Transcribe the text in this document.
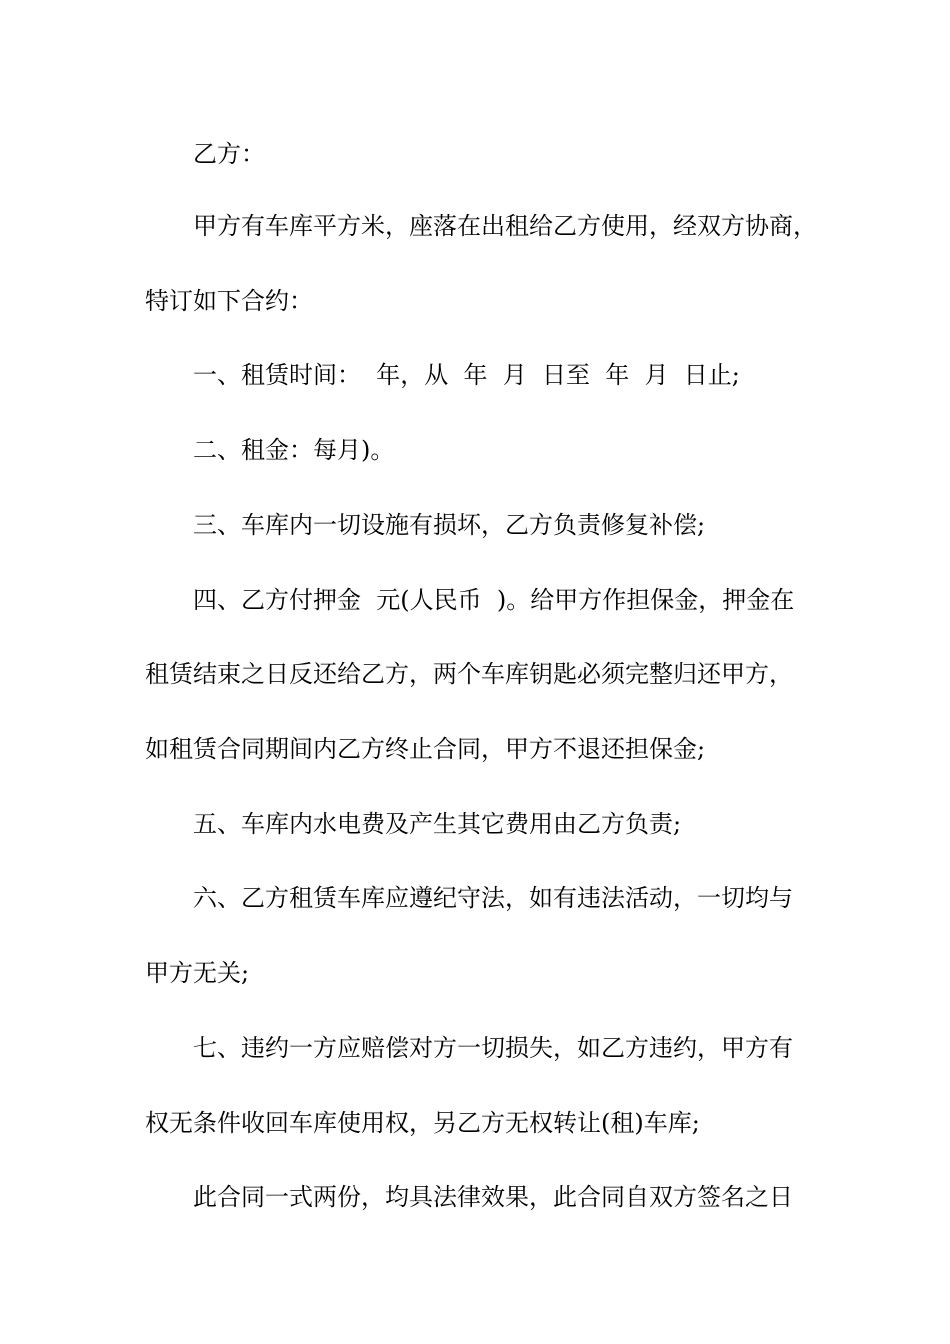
乙方：
甲方有车库平方米，座落在出租给乙方使用，经双方协商，
特订如下合约：
一、租赁时间：  年，从  年  月  日至  年  月  日止;
二、租金：每月)。
三、车库内一切设施有损坏，乙方负责修复补偿;
四、乙方付押金  元(人民币  )。给甲方作担保金，押金在
租赁结束之日反还给乙方，两个车库钥匙必须完整归还甲方，
如租赁合同期间内乙方终止合同，甲方不退还担保金;
五、车库内水电费及产生其它费用由乙方负责;
六、乙方租赁车库应遵纪守法，如有违法活动，一切均与
甲方无关;
七、违约一方应赔偿对方一切损失，如乙方违约，甲方有
权无条件收回车库使用权，另乙方无权转让(租)车库;
此合同一式两份，均具法律效果，此合同自双方签名之日
